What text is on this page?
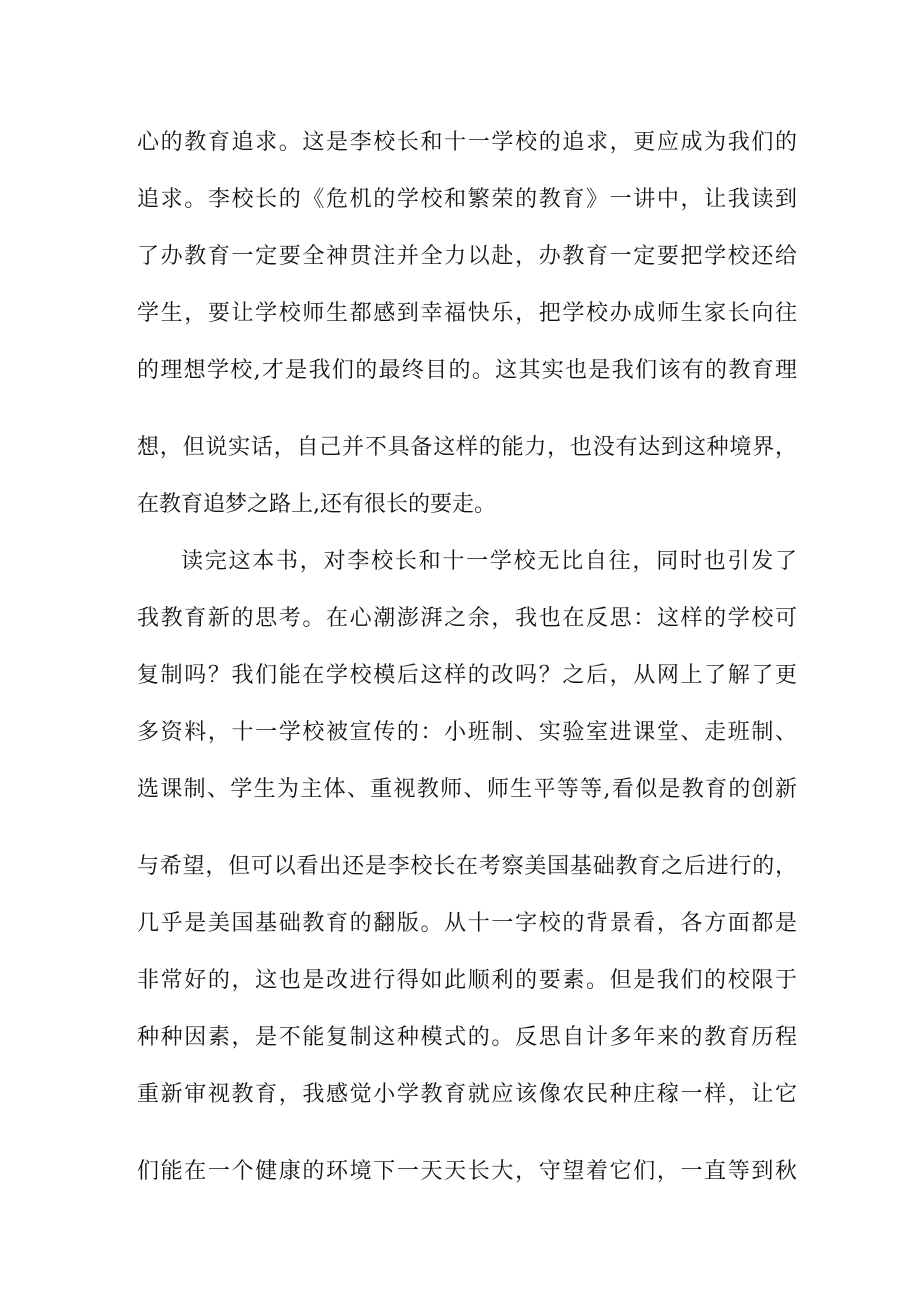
心的教育追求。这是李校长和十一学校的追求，更应成为我们的
追求。李校长的《危机的学校和繁荣的教育》一讲中，让我读到
了办教育一定要全神贯注并全力以赴，办教育一定要把学校还给
学生，要让学校师生都感到幸福快乐，把学校办成师生家长向往
的理想学校,才是我们的最终目的。这其实也是我们该有的教育理
想，但说实话，自己并不具备这样的能力，也没有达到这种境界，
在教育追梦之路上,还有很长的要走。
读完这本书，对李校长和十一学校无比自往，同时也引发了
我教育新的思考。在心潮澎湃之余，我也在反思：这样的学校可
复制吗？我们能在学校模后这样的改吗？之后，从网上了解了更
多资料，十一学校被宣传的：小班制、实验室进课堂、走班制、
选课制、学生为主体、重视教师、师生平等等,看似是教育的创新
与希望，但可以看出还是李校长在考察美国基础教育之后进行的，
几乎是美国基础教育的翻版。从十一字校的背景看，各方面都是
非常好的，这也是改进行得如此顺利的要素。但是我们的校限于
种种因素，是不能复制这种模式的。反思自计多年来的教育历程
重新审视教育，我感觉小学教育就应该像农民种庄稼一样，让它
们能在一个健康的环境下一天天长大，守望着它们，一直等到秋
